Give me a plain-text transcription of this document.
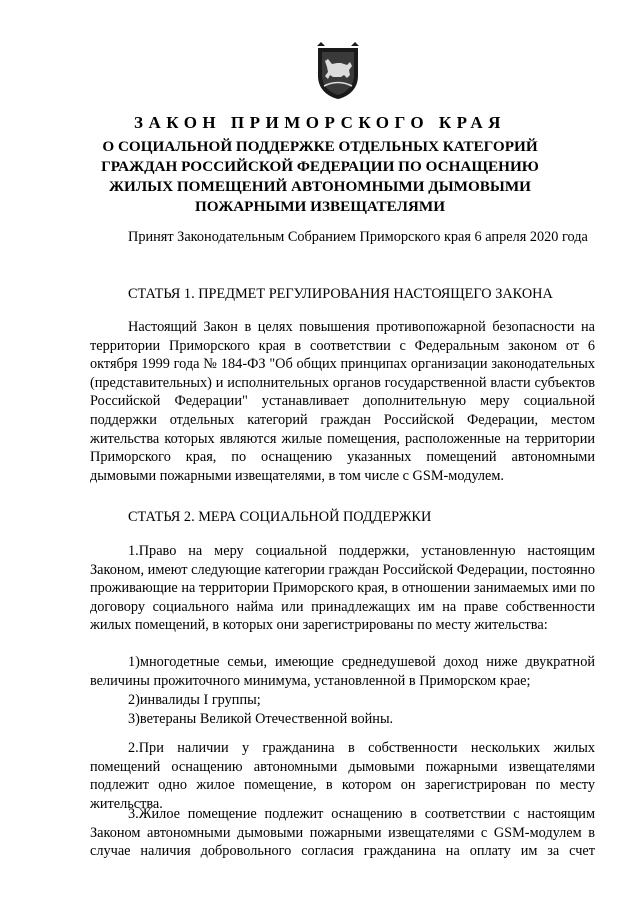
ЗАКОН ПРИМОРСКОГО КРАЯ
О СОЦИАЛЬНОЙ ПОДДЕРЖКЕ ОТДЕЛЬНЫХ КАТЕГОРИЙ ГРАЖДАН РОССИЙСКОЙ ФЕДЕРАЦИИ ПО ОСНАЩЕНИЮ ЖИЛЫХ ПОМЕЩЕНИЙ АВТОНОМНЫМИ ДЫМОВЫМИ ПОЖАРНЫМИ ИЗВЕЩАТЕЛЯМИ
Принят Законодательным Собранием Приморского края 6 апреля 2020 года
СТАТЬЯ 1. ПРЕДМЕТ РЕГУЛИРОВАНИЯ НАСТОЯЩЕГО ЗАКОНА
Настоящий Закон в целях повышения противопожарной безопасности на территории Приморского края в соответствии с Федеральным законом от 6 октября 1999 года № 184-ФЗ "Об общих принципах организации законодательных (представительных) и исполнительных органов государственной власти субъектов Российской Федерации" устанавливает дополнительную меру социальной поддержки отдельных категорий граждан Российской Федерации, местом жительства которых являются жилые помещения, расположенные на территории Приморского края, по оснащению указанных помещений автономными дымовыми пожарными извещателями, в том числе с GSM-модулем.
СТАТЬЯ 2. МЕРА СОЦИАЛЬНОЙ ПОДДЕРЖКИ
1.Право на меру социальной поддержки, установленную настоящим Законом, имеют следующие категории граждан Российской Федерации, постоянно проживающие на территории Приморского края, в отношении занимаемых ими по договору социального найма или принадлежащих им на праве собственности жилых помещений, в которых они зарегистрированы по месту жительства:
1)многодетные семьи, имеющие среднедушевой доход ниже двукратной величины прожиточного минимума, установленной в Приморском крае;
2)инвалиды I группы;
3)ветераны Великой Отечественной войны.
2.При наличии у гражданина в собственности нескольких жилых помещений оснащению автономными дымовыми пожарными извещателями подлежит одно жилое помещение, в котором он зарегистрирован по месту жительства.
3.Жилое помещение подлежит оснащению в соответствии с настоящим Законом автономными дымовыми пожарными извещателями с GSM-модулем в случае наличия добровольного согласия гражданина на оплату им за счет
